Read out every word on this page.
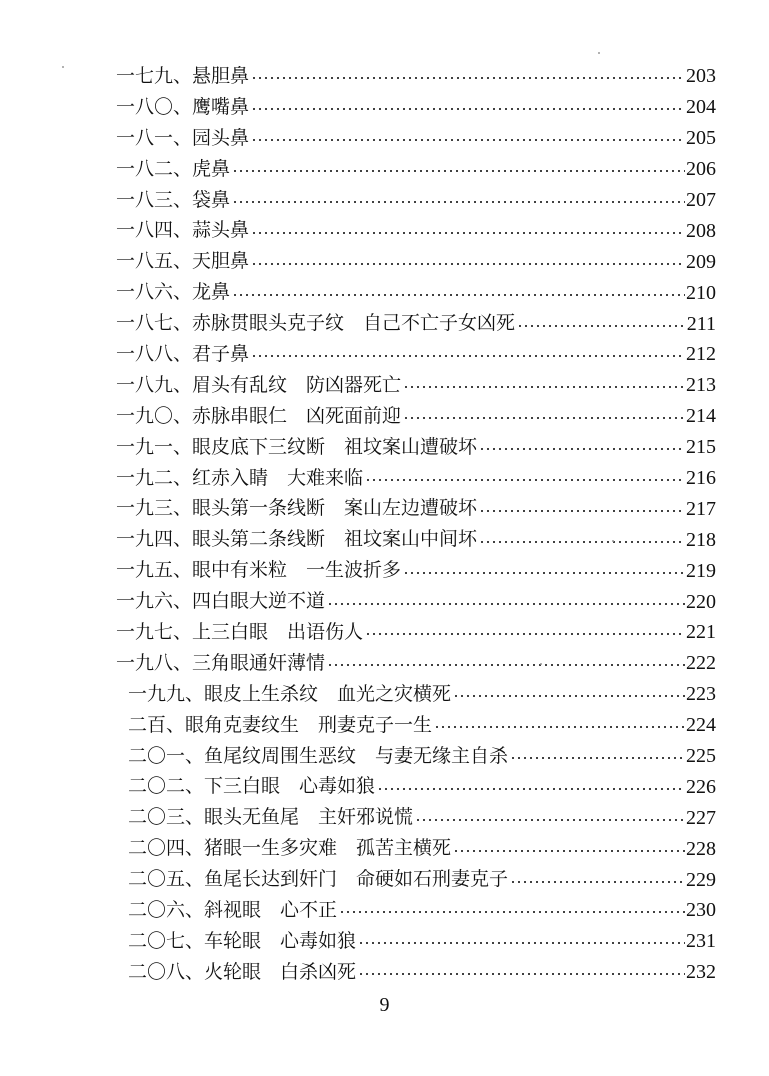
一七九、 悬胆鼻	203
一八〇、 鹰嘴鼻	204
一八一、 园头鼻	205
一八二、 虎鼻	206
一八三、 袋鼻	207
一八四、 蒜头鼻	208
一八五、 天胆鼻	209
一八六、 龙鼻	210
一八七、 赤脉贯眼头克子纹　自己不亡子女凶死	211
一八八、 君子鼻	212
一八九、 眉头有乱纹　防凶器死亡	213
一九〇、 赤脉串眼仁　凶死面前迎	214
一九一、 眼皮底下三纹断　祖坟案山遭破坏	215
一九二、 红赤入睛　大难来临	216
一九三、 眼头第一条线断　案山左边遭破坏	217
一九四、 眼头第二条线断　祖坟案山中间坏	218
一九五、 眼中有米粒　一生波折多	219
一九六、 四白眼大逆不道	220
一九七、 上三白眼　出语伤人	221
一九八、 三角眼通奸薄情	222
一九九、 眼皮上生杀纹　血光之灾横死	223
二百、 眼角克妻纹生　刑妻克子一生	224
二〇一、 鱼尾纹周围生恶纹　与妻无缘主自杀	225
二〇二、 下三白眼　心毒如狼	226
二〇三、 眼头无鱼尾　主奸邪说慌	227
二〇四、 猪眼一生多灾难　孤苦主横死	228
二〇五、 鱼尾长达到奸门　命硬如石刑妻克子	229
二〇六、 斜视眼　心不正	230
二〇七、 车轮眼　心毒如狼	231
二〇八、 火轮眼　白杀凶死	232
9
